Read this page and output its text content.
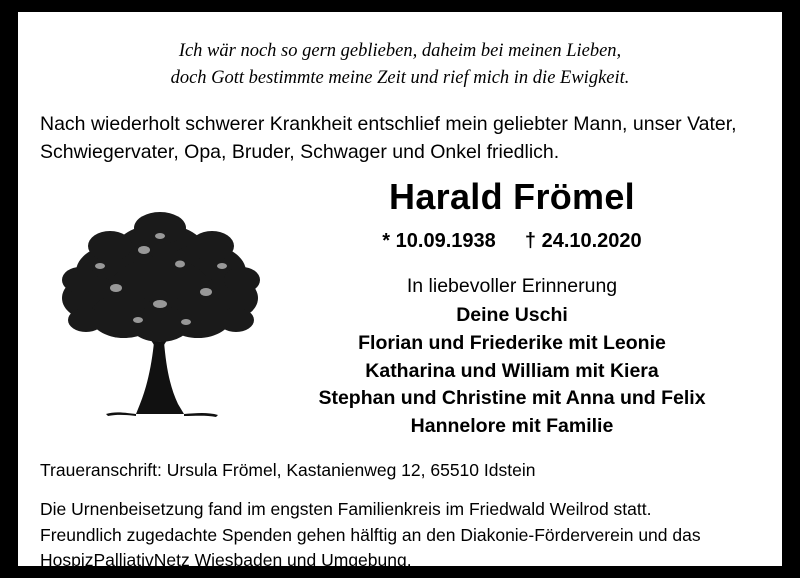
Ich wär noch so gern geblieben, daheim bei meinen Lieben,
doch Gott bestimmte meine Zeit und rief mich in die Ewigkeit.
Nach wiederholt schwerer Krankheit entschlief mein geliebter Mann, unser Vater,
Schwiegervater, Opa, Bruder, Schwager und Onkel friedlich.
Harald Frömel
* 10.09.1938 † 24.10.2020
In liebevoller Erinnerung
Deine Uschi
Florian und Friederike mit Leonie
Katharina und William mit Kiera
Stephan und Christine mit Anna und Felix
Hannelore mit Familie
Traueranschrift: Ursula Frömel, Kastanienweg 12, 65510 Idstein
Die Urnenbeisetzung fand im engsten Familienkreis im Friedwald Weilrod statt.
Freundlich zugedachte Spenden gehen hälftig an den Diakonie-Förderverein und das
HospizPalliativNetz Wiesbaden und Umgebung.
